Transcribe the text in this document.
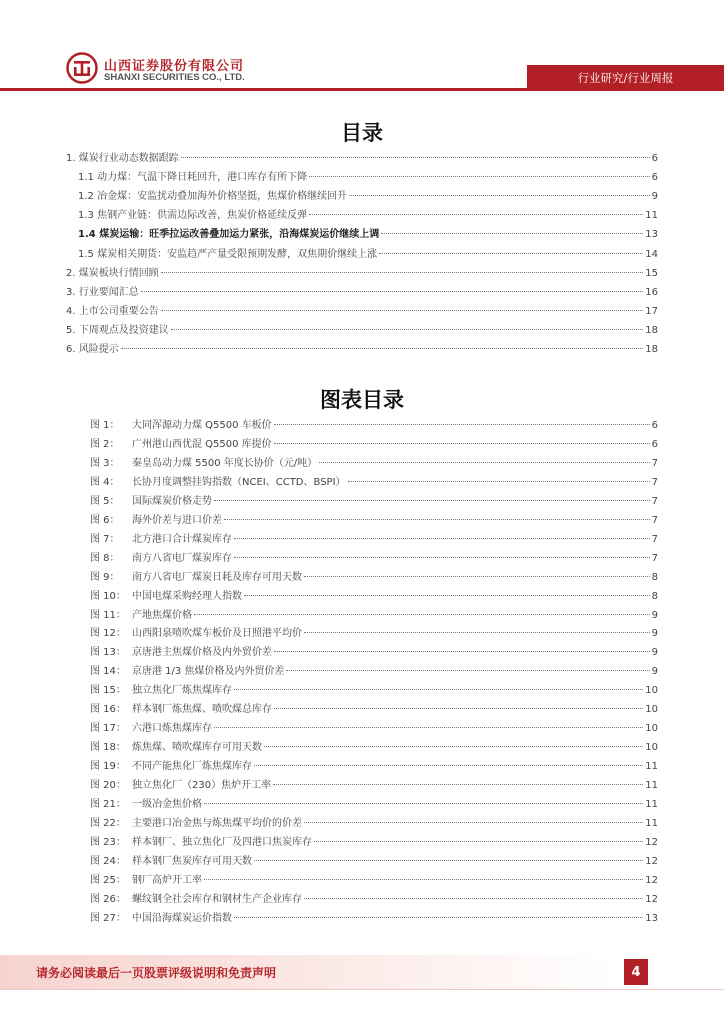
山西证券股份有限公司
SHANXI SECURITIES CO., LTD.	行业研究/行业周报
目录
1. 煤炭行业动态数据跟踪	6
1.1 动力煤：气温下降日耗回升，港口库存有所下降	6
1.2 冶金煤：安监扰动叠加海外价格坚挺，焦煤价格继续回升	9
1.3 焦钢产业链：供需边际改善，焦炭价格延续反弹	11
1.4 煤炭运输：旺季拉运改善叠加运力紧张，沿海煤炭运价继续上调	13
1.5 煤炭相关期货：安监趋严产量受限预期发酵，双焦期价继续上涨	14
2. 煤炭板块行情回顾	15
3. 行业要闻汇总	16
4. 上市公司重要公告	17
5. 下周观点及投资建议	18
6. 风险提示	18
图表目录
图 1：	大同浑源动力煤 Q5500 车板价	6
图 2：	广州港山西优混 Q5500 库提价	6
图 3：	秦皇岛动力煤 5500 年度长协价（元/吨）	7
图 4：	长协月度调整挂钩指数（NCEI、CCTD、BSPI）	7
图 5：	国际煤炭价格走势	7
图 6：	海外价差与进口价差	7
图 7：	北方港口合计煤炭库存	7
图 8：	南方八省电厂煤炭库存	7
图 9：	南方八省电厂煤炭日耗及库存可用天数	8
图 10： 中国电煤采购经理人指数	8
图 11： 产地焦煤价格	9
图 12： 山西阳泉喷吹煤车板价及日照港平均价	9
图 13： 京唐港主焦煤价格及内外贸价差	9
图 14： 京唐港 1/3 焦煤价格及内外贸价差	9
图 15： 独立焦化厂炼焦煤库存	10
图 16： 样本钢厂炼焦煤、喷吹煤总库存	10
图 17： 六港口炼焦煤库存	10
图 18： 炼焦煤、喷吹煤库存可用天数	10
图 19： 不同产能焦化厂炼焦煤库存	11
图 20： 独立焦化厂（230）焦炉开工率	11
图 21： 一级冶金焦价格	11
图 22： 主要港口冶金焦与炼焦煤平均价的价差	11
图 23： 样本钢厂、独立焦化厂及四港口焦炭库存	12
图 24： 样本钢厂焦炭库存可用天数	12
图 25： 钢厂高炉开工率	12
图 26： 螺纹钢全社会库存和钢材生产企业库存	12
图 27： 中国沿海煤炭运价指数	13
请务必阅读最后一页股票评级说明和免责声明	4
